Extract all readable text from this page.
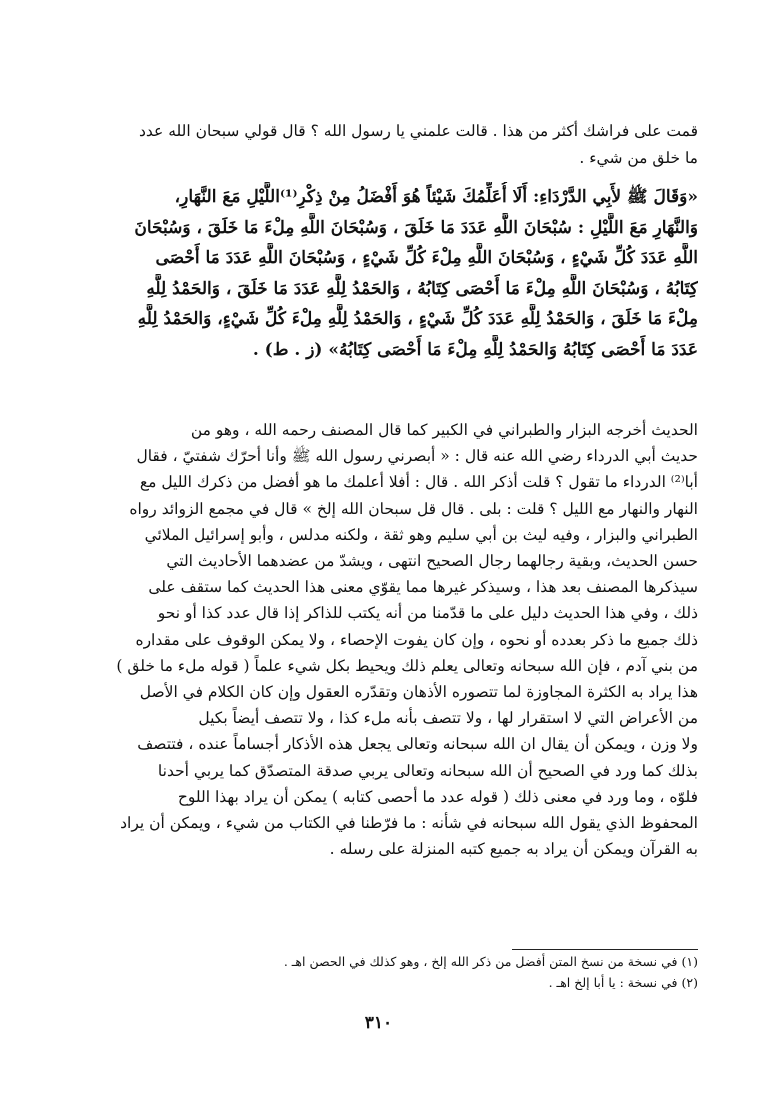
قمت على فراشك أكثر من هذا . قالت علمني يا رسول الله ؟ قال قولي سبحان الله عدد
ما خلق من شيء .
«وَقَالَ ﷺ لأَبِي الدَّرْدَاءِ: أَلَا أُعَلِّمُكَ شَيْئاً هُوَ أَفْضَلُ مِنْ ذِكْرِ⁽¹⁾اللَّيْلِ مَعَ النَّهَارِ،
وَالنَّهَارِ مَعَ اللَّيْلِ : سُبْحَانَ اللَّهِ عَدَدَ مَا خَلَقَ ، وَسُبْحَانَ اللَّهِ مِلْءَ مَا خَلَقَ ، وَسُبْحَانَ
اللَّهِ عَدَدَ كُلِّ شَيْءٍ ، وَسُبْحَانَ اللَّهِ مِلْءَ كُلِّ شَيْءٍ ، وَسُبْحَانَ اللَّهِ عَدَدَ مَا أَحْصَى
كِتَابُهُ ، وَسُبْحَانَ اللَّهِ مِلْءَ مَا أَحْصَى كِتَابُهُ ، وَالحَمْدُ لِلَّهِ عَدَدَ مَا خَلَقَ ، وَالحَمْدُ لِلَّهِ
مِلْءَ مَا خَلَقَ ، وَالحَمْدُ لِلَّهِ عَدَدَ كُلِّ شَيْءٍ ، وَالحَمْدُ لِلَّهِ مِلْءَ كُلِّ شَيْءٍ، وَالحَمْدُ لِلَّهِ
عَدَدَ مَا أَحْصَى كِتَابُهُ وَالحَمْدُ لِلَّهِ مِلْءَ مَا أَحْصَى كِتَابُهُ» (ز . ط) .
الحديث أخرجه البزار والطبراني في الكبير كما قال المصنف رحمه الله ، وهو من
حديث أبي الدرداء رضي الله عنه قال : « أبصرني رسول الله ﷺ وأنا أحرّك شفتيّ ، فقال
أبا⁽²⁾ الدرداء ما تقول ؟ قلت أذكر الله . قال : أفلا أعلمك ما هو أفضل من ذكرك الليل مع
النهار والنهار مع الليل ؟ قلت : بلى . قال قل سبحان الله إلخ » قال في مجمع الزوائد رواه
الطبراني والبزار ، وفيه ليث بن أبي سليم وهو ثقة ، ولكنه مدلس ، وأبو إسرائيل الملائي
حسن الحديث، وبقية رجالهما رجال الصحيح انتهى ، ويشدّ من عضدهما الأحاديث التي
سيذكرها المصنف بعد هذا ، وسيذكر غيرها مما يقوّي معنى هذا الحديث كما ستقف على
ذلك ، وفي هذا الحديث دليل على ما قدّمنا من أنه يكتب للذاكر إذا قال عدد كذا أو نحو
ذلك جميع ما ذكر بعدده أو نحوه ، وإن كان يفوت الإحصاء ، ولا يمكن الوقوف على مقداره
من بني آدم ، فإن الله سبحانه وتعالى يعلم ذلك ويحيط بكل شيء علماً ( قوله ملء ما خلق )
هذا يراد به الكثرة المجاوزة لما تتصوره الأذهان وتقدّره العقول وإن كان الكلام في الأصل
من الأعراض التي لا استقرار لها ، ولا تتصف بأنه ملء كذا ، ولا تتصف أيضاً بكيل
ولا وزن ، ويمكن أن يقال ان الله سبحانه وتعالى يجعل هذه الأذكار أجساماً عنده ، فتتصف
بذلك كما ورد في الصحيح أن الله سبحانه وتعالى يربي صدقة المتصدّق كما يربي أحدنا
فلوّه ، وما ورد في معنى ذلك ( قوله عدد ما أحصى كتابه ) يمكن أن يراد بهذا اللوح
المحفوظ الذي يقول الله سبحانه في شأنه : ما فرّطنا في الكتاب من شيء ، ويمكن أن يراد
به القرآن ويمكن أن يراد به جميع كتبه المنزلة على رسله .
(١) في نسخة من نسخ المتن أفضل من ذكر الله إلخ ، وهو كذلك في الحصن اهـ .
(٢) في نسخة : يا أبا إلخ اهـ .
٣١٠
